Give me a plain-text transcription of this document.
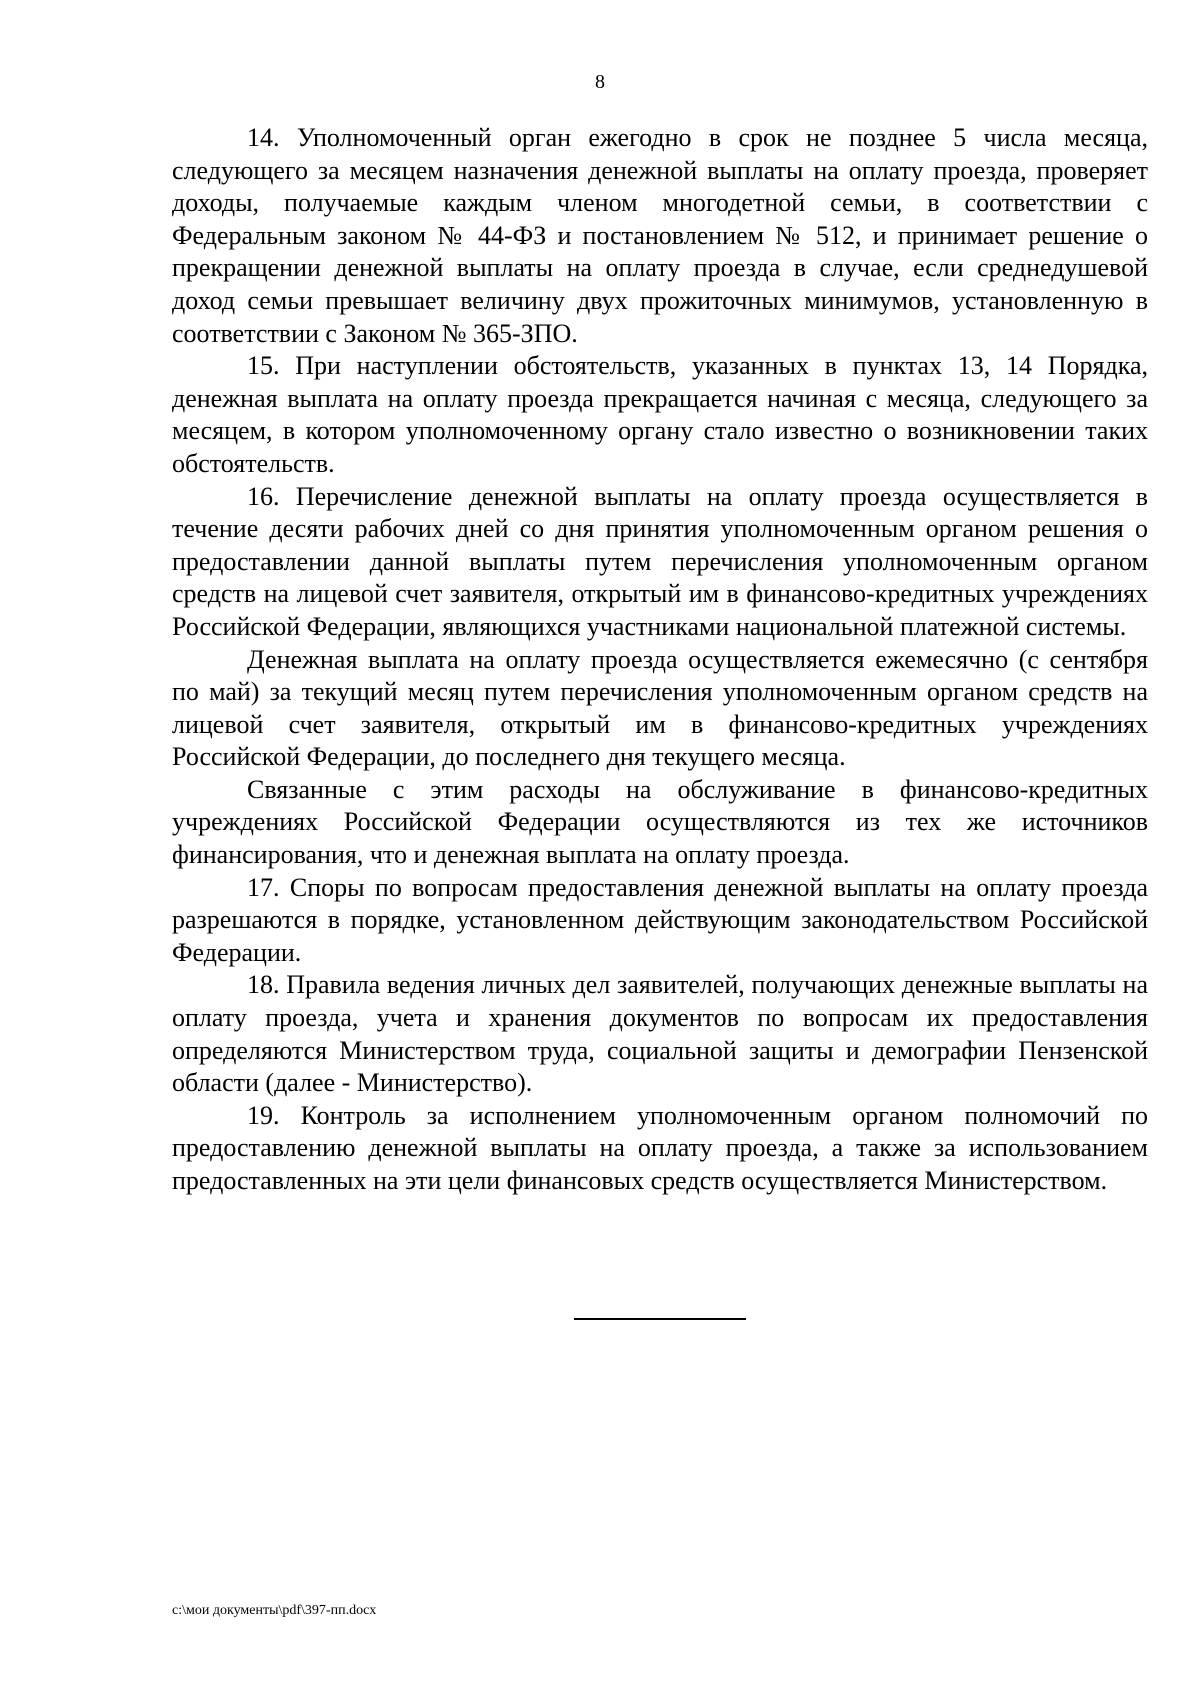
8

14. Уполномоченный орган ежегодно в срок не позднее 5 числа месяца, следующего за месяцем назначения денежной выплаты на оплату проезда, проверяет доходы, получаемые каждым членом многодетной семьи, в соответствии с Федеральным законом № 44-ФЗ и постановлением № 512, и принимает решение о прекращении денежной выплаты на оплату проезда в случае, если среднедушевой доход семьи превышает величину двух прожиточных минимумов, установленную в соответствии с Законом № 365-ЗПО.

15. При наступлении обстоятельств, указанных в пунктах 13, 14 Порядка, денежная выплата на оплату проезда прекращается начиная с месяца, следующего за месяцем, в котором уполномоченному органу стало известно о возникновении таких обстоятельств.

16. Перечисление денежной выплаты на оплату проезда осуществляется в течение десяти рабочих дней со дня принятия уполномоченным органом решения о предоставлении данной выплаты путем перечисления уполномоченным органом средств на лицевой счет заявителя, открытый им в финансово-кредитных учреждениях Российской Федерации, являющихся участниками национальной платежной системы.

Денежная выплата на оплату проезда осуществляется ежемесячно (с сентября по май) за текущий месяц путем перечисления уполномоченным органом средств на лицевой счет заявителя, открытый им в финансово-кредитных учреждениях Российской Федерации, до последнего дня текущего месяца.

Связанные с этим расходы на обслуживание в финансово-кредитных учреждениях Российской Федерации осуществляются из тех же источников финансирования, что и денежная выплата на оплату проезда.

17. Споры по вопросам предоставления денежной выплаты на оплату проезда разрешаются в порядке, установленном действующим законодательством Российской Федерации.

18. Правила ведения личных дел заявителей, получающих денежные выплаты на оплату проезда, учета и хранения документов по вопросам их предоставления определяются Министерством труда, социальной защиты и демографии Пензенской области (далее - Министерство).

19. Контроль за исполнением уполномоченным органом полномочий по предоставлению денежной выплаты на оплату проезда, а также за использованием предоставленных на эти цели финансовых средств осуществляется Министерством.

c:\мои документы\pdf\397-пп.docx
